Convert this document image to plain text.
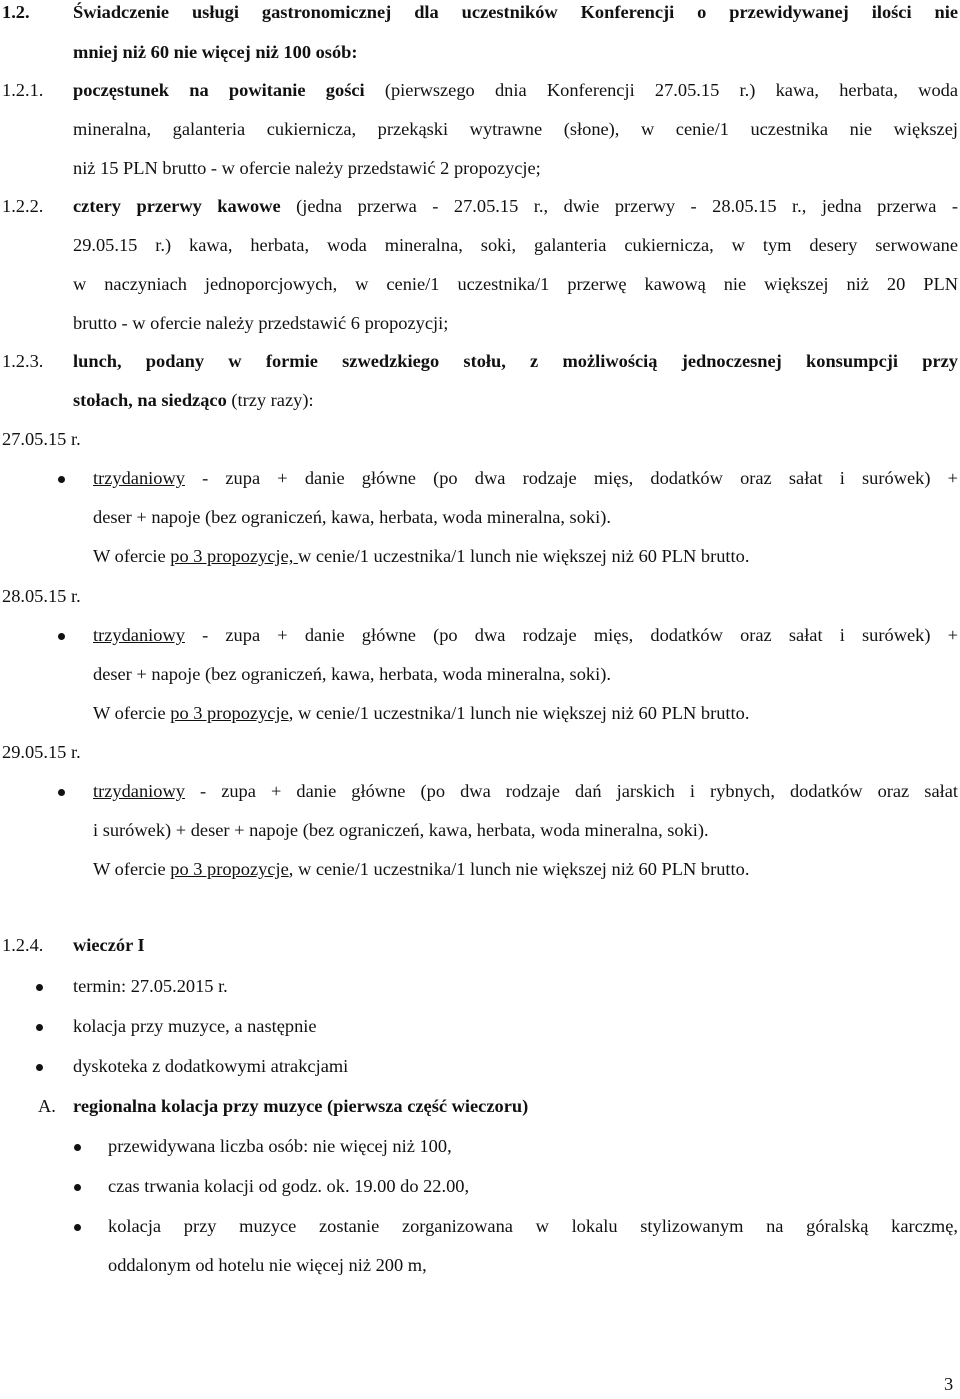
1.2. Świadczenie usługi gastronomicznej dla uczestników Konferencji o przewidywanej ilości nie
mniej niż 60 nie więcej niż 100 osób:
1.2.1. poczęstunek na powitanie gości (pierwszego dnia Konferencji 27.05.15 r.) kawa, herbata, woda
mineralna, galanteria cukiernicza, przekąski wytrawne (słone), w cenie/1 uczestnika nie większej
niż 15 PLN brutto - w ofercie należy przedstawić 2 propozycje;
1.2.2. cztery przerwy kawowe (jedna przerwa - 27.05.15 r., dwie przerwy - 28.05.15 r., jedna przerwa -
29.05.15 r.) kawa, herbata, woda mineralna, soki, galanteria cukiernicza, w tym desery serwowane
w naczyniach jednoporcjowych, w cenie/1 uczestnika/1 przerwę kawową nie większej niż 20 PLN
brutto - w ofercie należy przedstawić 6 propozycji;
1.2.3. lunch, podany w formie szwedzkiego stołu, z możliwością jednoczesnej konsumpcji przy
stołach, na siedząco (trzy razy):
27.05.15 r.
trzydaniowy - zupa + danie główne (po dwa rodzaje mięs, dodatków oraz sałat i surówek) +
deser + napoje (bez ograniczeń, kawa, herbata, woda mineralna, soki).
W ofercie po 3 propozycje, w cenie/1 uczestnika/1 lunch nie większej niż 60 PLN brutto.
28.05.15 r.
trzydaniowy - zupa + danie główne (po dwa rodzaje mięs, dodatków oraz sałat i surówek) +
deser + napoje (bez ograniczeń, kawa, herbata, woda mineralna, soki).
W ofercie po 3 propozycje, w cenie/1 uczestnika/1 lunch nie większej niż 60 PLN brutto.
29.05.15 r.
trzydaniowy - zupa + danie główne (po dwa rodzaje dań jarskich i rybnych, dodatków oraz sałat
i surówek) + deser + napoje (bez ograniczeń, kawa, herbata, woda mineralna, soki).
W ofercie po 3 propozycje, w cenie/1 uczestnika/1 lunch nie większej niż 60 PLN brutto.
1.2.4. wieczór I
termin: 27.05.2015 r.
kolacja przy muzyce, a następnie
dyskoteka z dodatkowymi atrakcjami
A. regionalna kolacja przy muzyce (pierwsza część wieczoru)
przewidywana liczba osób: nie więcej niż 100,
czas trwania kolacji od godz. ok. 19.00 do 22.00,
kolacja przy muzyce zostanie zorganizowana w lokalu stylizowanym na góralską karczmę,
oddalonym od hotelu nie więcej niż 200 m,
3
